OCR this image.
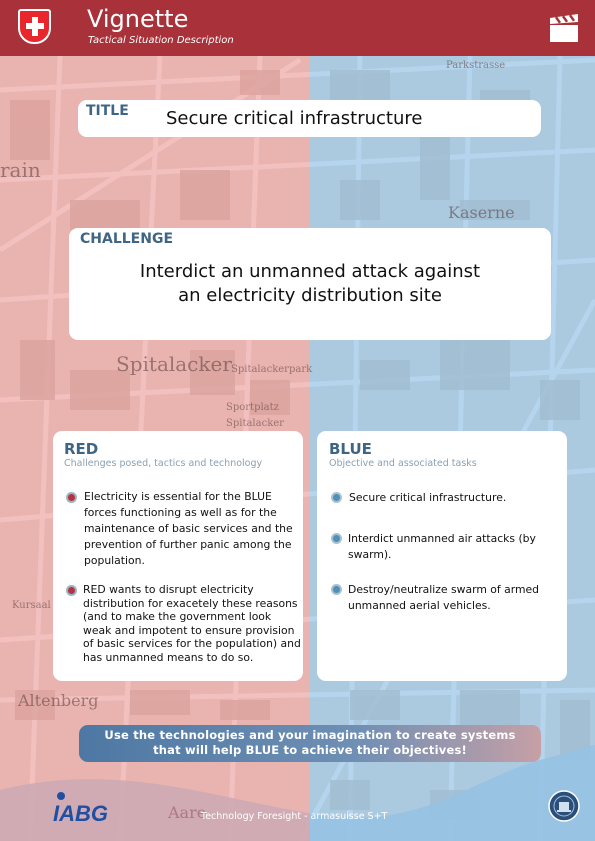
Parkstrasse
Kaserne
rain
Spitalacker Spitalackerpark
Sportplatz
Spitalacker
Kursaal
Altenberg
Aare
Vignette
Tactical Situation Description
TITLE Secure critical infrastructure
CHALLENGE
Interdict an unmanned attack against
an electricity distribution site
RED
Challenges posed, tactics and technology
Electricity is essential for the BLUE forces functioning as well as for the maintenance of basic services and the prevention of further panic among the population.
RED wants to disrupt electricity distribution for exacetely these reasons (and to make the government look weak and impotent to ensure provision of basic services for the population) and has unmanned means to do so.
BLUE
Objective and associated tasks
Secure critical infrastructure.
Interdict unmanned air attacks (by swarm).
Destroy/neutralize swarm of armed unmanned aerial vehicles.
Use the technologies and your imagination to create systems
that will help BLUE to achieve their objectives!
IABG	Technology Foresight - armasuisse S+T
